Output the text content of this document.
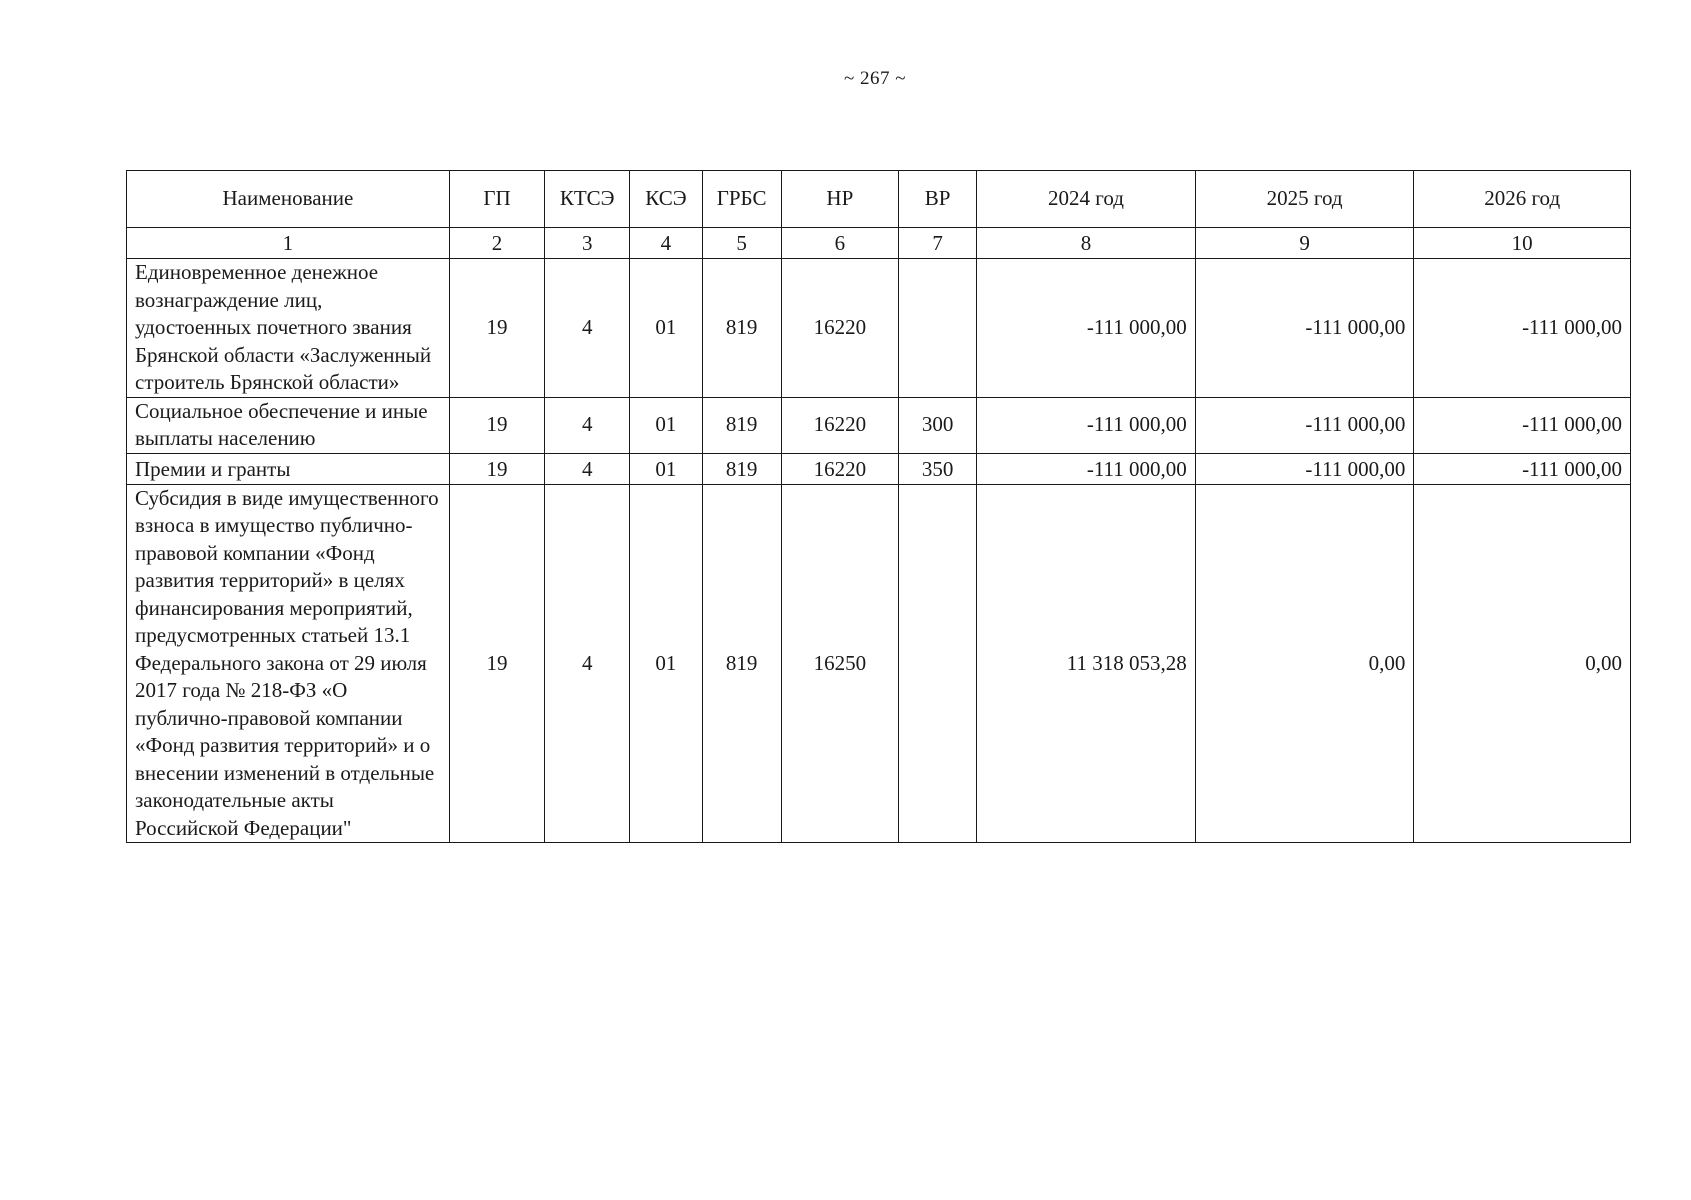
~ 267 ~
Наименование	ГП	КТСЭ	КСЭ	ГРБС	НР	ВР	2024 год	2025 год	2026 год
1	2	3	4	5	6	7	8	9	10
Единовременное денежное вознаграждение лиц, удостоенных почетного звания Брянской области «Заслуженный строитель Брянской области»	19	4	01	819	16220		-111 000,00	-111 000,00	-111 000,00
Социальное обеспечение и иные выплаты населению	19	4	01	819	16220	300	-111 000,00	-111 000,00	-111 000,00
Премии и гранты	19	4	01	819	16220	350	-111 000,00	-111 000,00	-111 000,00
Субсидия в виде имущественного взноса в имущество публично-правовой компании «Фонд развития территорий» в целях финансирования мероприятий, предусмотренных статьей 13.1 Федерального закона от 29 июля 2017 года № 218-ФЗ «О публично-правовой компании «Фонд развития территорий» и о внесении изменений в отдельные законодательные акты Российской Федерации"	19	4	01	819	16250		11 318 053,28	0,00	0,00
